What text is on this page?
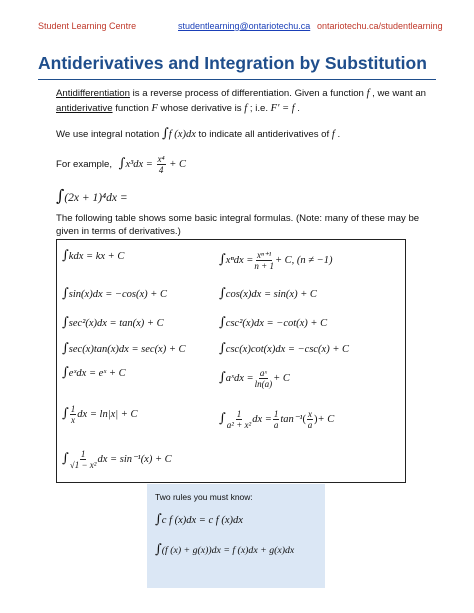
Student Learning Centre	studentlearning@ontariotechu.ca ontariotechu.ca/studentlearning
Antiderivatives and Integration by Substitution
Antidifferentiation is a reverse process of differentiation. Given a function f , we want an
antiderivative function F whose derivative is f ; i.e. F′ = f .
We use integral notation ∫f (x)dx to indicate all antiderivatives of f .
For example, $\int x^3dx = \frac{\text{x⁴}}{4} + C$
∫(2x + 1)⁴dx =
The following table shows some basic integral formulas. (Note: many of these may be given in terms of derivatives.)
∫kdx = kx + C	$\int x^ndx = \frac{\text{xⁿ⁺¹}}{n + 1} + C$, (n ≠ −1)
∫sin(x)dx = −cos(x) + C	∫cos(x)dx = sin(x) + C
∫sec²(x)dx = tan(x) + C	∫csc²(x)dx = −cot(x) + C
∫sec(x)tan(x)dx = sec(x) + C	∫csc(x)cot(x)dx = −csc(x) + C
∫eˣdx = eˣ + C	∫aˣdx = $\frac{\text{aˣ}}{\ln(a)} + C$
∫ $\frac{1}{x}$ dx = ln|x| + C	∫ $\frac{1}{\text{a² + x²}}$ dx = $\frac{1}{a} \tan^{-1}( \frac{x}{a}$ )+ C
∫ $\frac{1}{\text{√1 − x²}}$ dx = sin⁻¹(x) + C
Two rules you must know:
∫c f (x)dx = c f (x)dx
∫(f (x) + g(x))dx = f (x)dx + g(x)dx
